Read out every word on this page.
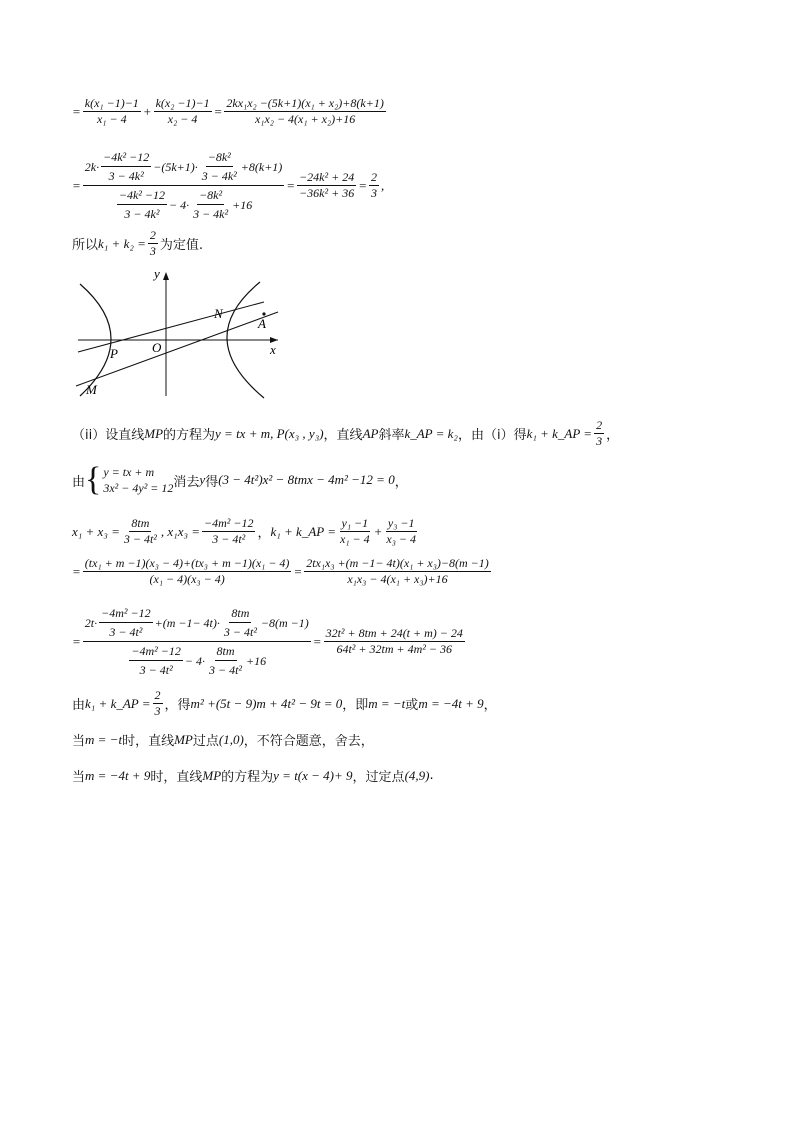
= $\frac{\text{k(x₁ −1)−1}}{\text{x₁ − 4}} + \frac{\text{k(x₂ −1)−1}}{\text{x₂ − 4}} = \frac{\text{2kx₁x₂ −(5k+1)(x₁ + x₂)+8(k+1)}}{\text{x₁x₂ − 4(x₁ + x₂)+16}}$
=
$2k\cdot \frac{\text{−4k² −12}}{\text{3 − 4k²}} -(5k+1)\cdot \frac{\text{−8k²}}{\text{3 − 4k²}} +8(k+1)$
$\frac{\text{−4k² −12}}{\text{3 − 4k²}} - 4\cdot \frac{\text{−8k²}}{\text{3 − 4k²}} +16$
= $\frac{\text{−24k² + 24}}{\text{−36k² + 36}} = \frac{2}{3}$ ,
所以 $k_1 + k_2 = \frac{2}{3}$ 为定值.
y
x
O
N
A
P
M
（ii）设直线 MP 的方程为 y = tx + m, P(x₃ , y₃) ，直线 AP 斜率 k_AP = k₂ ，由（i）得 k₁ + k_AP = $\frac{2}{3}$ ，
由 { y = tx + m
3x² − 4y² = 12 消去 y 得 (3 − 4t²)x² − 8tmx − 4m² −12 = 0 ，
$x_1 + x_3 = \frac{8tm}{\text{3 − 4t²}}$ , $x_1x_3 = \frac{\text{−4m² −12}}{\text{3 − 4t²}}$ ， k₁ + k_AP = $\frac{\text{y₁ −1}}{\text{x₁ − 4}} + \frac{\text{y₃ −1}}{\text{x₃ − 4}}$
= $\frac{\text{(tx₁ + m −1)(x₃ − 4)+(tx₃ + m −1)(x₁ − 4)}}{\text{(x₁ − 4)(x₃ − 4)}} = \frac{\text{2tx₁x₃ +(m −1− 4t)(x₁ + x₃)−8(m −1)}}{\text{x₁x₃ − 4(x₁ + x₃)+16}}$
=
$2t\cdot \frac{\text{−4m² −12}}{\text{3 − 4t²}} +(m -1- 4t)\cdot \frac{8tm}{\text{3 − 4t²}} -8(m -1)$
$\frac{\text{−4m² −12}}{\text{3 − 4t²}} - 4\cdot \frac{8tm}{\text{3 − 4t²}} +16$
= $\frac{\text{32t² + 8tm + 24(t + m) − 24}}{\text{64t² + 32tm + 4m² − 36}}$
由 k₁ + k_AP = $\frac{2}{3}$ ，得 m² +(5t − 9)m + 4t² − 9t = 0 ，即 m = −t 或 m = −4t + 9 ，
当 m = −t 时，直线 MP 过点 (1,0) ，不符合题意，舍去，
当 m = −4t + 9 时，直线 MP 的方程为 y = t(x − 4)+ 9 ，过定点 (4,9) .
